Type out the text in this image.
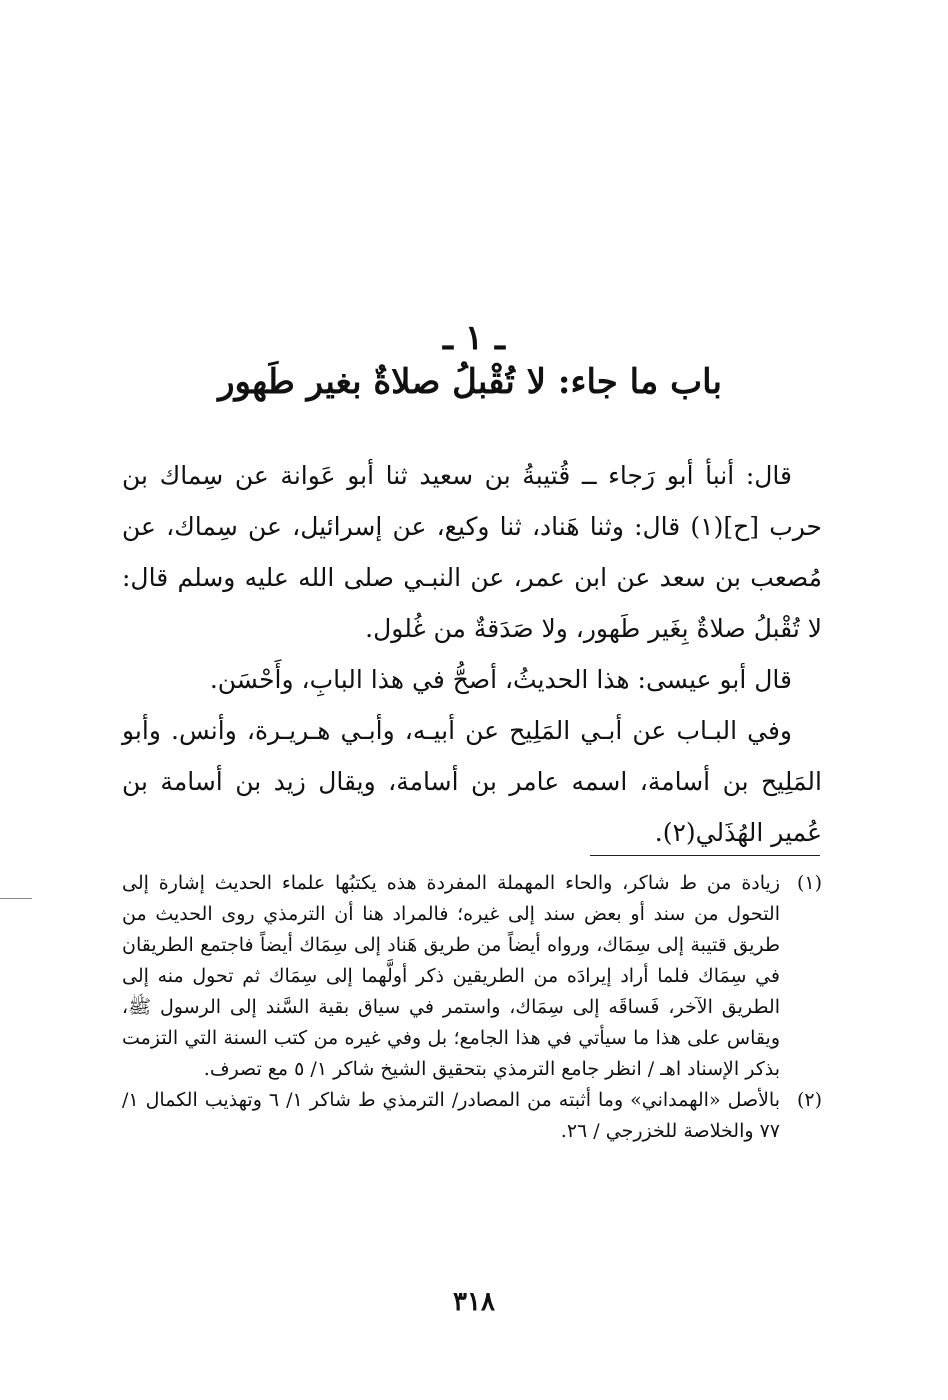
ـ ١ ـ
باب ما جاء: لا تُقْبلُ صلاةٌ بغير طَهور

قال: أنبأ أبو رَجاء ــ قُتيبةُ بن سعيد ثنا أبو عَوانة عن سِماك بن حرب [ح](١) قال: وثنا هَناد، ثنا وكيع، عن إسرائيل، عن سِماك، عن مُصعب بن سعد عن ابن عمر، عن النبـي صلى الله عليه وسلم قال: لا تُقْبلُ صلاةٌ بِغَير طَهور، ولا صَدَقةٌ من غُلول.

قال أبو عيسى: هذا الحديثُ، أصحُّ في هذا البابِ، وأَحْسَن.

وفي البـاب عن أبـي المَلِيح عن أبيـه، وأبـي هـريـرة، وأنس. وأبو المَلِيح بن أسامة، اسمه عامر بن أسامة، ويقال زيد بن أسامة بن عُمير الهُذَلي(٢).

(١)
زيادة من ط شاكر، والحاء المهملة المفردة هذه يكتبُها علماء الحديث إشارة إلى التحول من سند أو بعض سند إلى غيره؛ فالمراد هنا أن الترمذي روى الحديث من طريق قتيبة إلى سِمَاك، ورواه أيضاً من طريق هَناد إلى سِمَاك أيضاً فاجتمع الطريقان في سِمَاك فلما أراد إيرادَه من الطريقين ذكر أولَّهما إلى سِمَاك ثم تحول منه إلى الطريق الآخر، فَساقَه إلى سِمَاك، واستمر في سياق بقية السَّند إلى الرسول ﷺ، ويقاس على هذا ما سيأتي في هذا الجامع؛ بل وفي غيره من كتب السنة التي التزمت بذكر الإسناد اهـ / انظر جامع الترمذي بتحقيق الشيخ شاكر ١/ ٥ مع تصرف.
(٢)
بالأصل «الهمداني» وما أثبته من المصادر/ الترمذي ط شاكر ١/ ٦ وتهذيب الكمال ١/ ٧٧ والخلاصة للخزرجي / ٢٦.
٣١٨
